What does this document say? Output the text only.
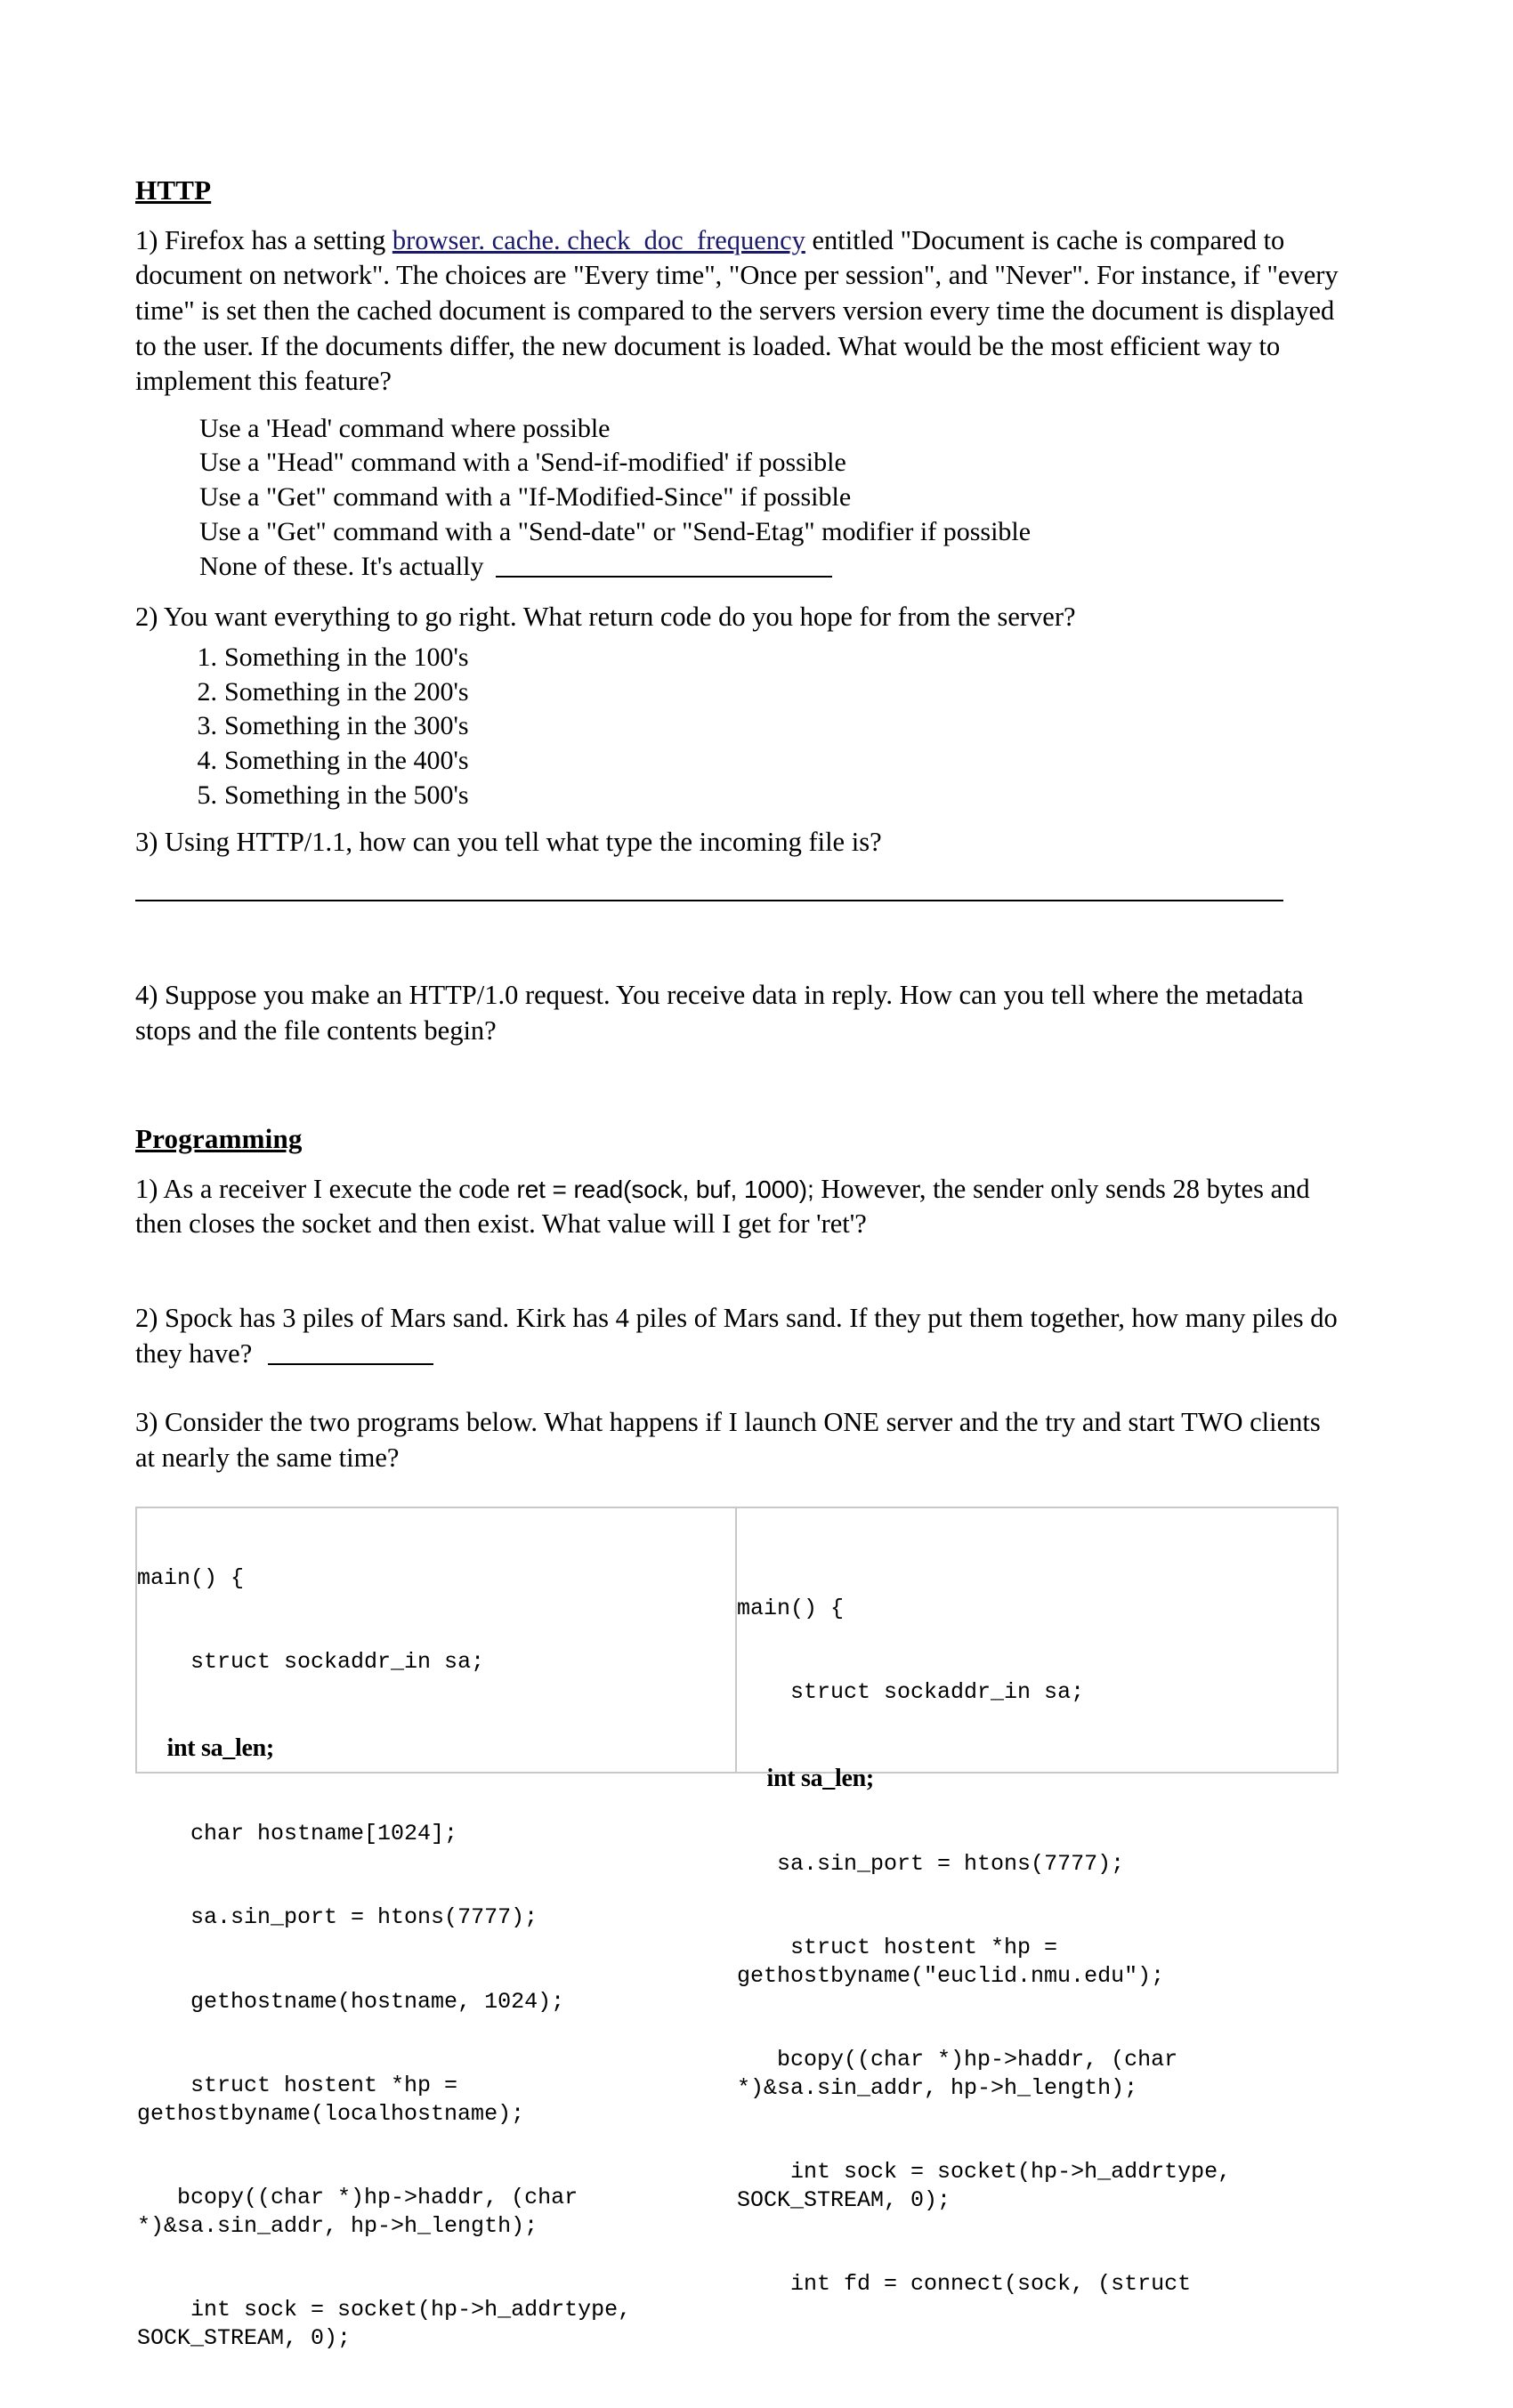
HTTP

1) Firefox has a setting browser. cache. check_doc_frequency entitled "Document is cache is compared to document on network". The choices are "Every time", "Once per session", and "Never". For instance, if "every time" is set then the cached document is compared to the servers version every time the document is displayed to the user. If the documents differ, the new document is loaded. What would be the most efficient way to implement this feature?

Use a 'Head' command where possible
Use a "Head" command with a 'Send-if-modified' if possible
Use a "Get" command with a "If-Modified-Since" if possible
Use a "Get" command with a "Send-date" or "Send-Etag" modifier if possible
None of these. It's actually

2) You want everything to go right. What return code do you hope for from the server?

Something in the 100's
Something in the 200's
Something in the 300's
Something in the 400's
Something in the 500's

3) Using HTTP/1.1, how can you tell what type the incoming file is?

4) Suppose you make an HTTP/1.0 request. You receive data in reply. How can you tell where the metadata stops and the file contents begin?

Programming

1) As a receiver I execute the code ret = read(sock, buf, 1000); However, the sender only sends 28 bytes and then closes the socket and then exist. What value will I get for 'ret'?

2) Spock has 3 piles of Mars sand. Kirk has 4 piles of Mars sand. If they put them together, how many piles do they have?

3) Consider the two programs below. What happens if I launch ONE server and the try and start TWO clients at nearly the same time?

main() {

struct sockaddr_in sa;

int sa_len;

char hostname[1024];

sa.sin_port = htons(7777);

gethostname(hostname, 1024);

struct hostent *hp = gethostbyname(localhostname);

bcopy((char *)hp->haddr, (char *)&sa.sin_addr, hp->h_length);

int sock = socket(hp->h_addrtype, SOCK_STREAM, 0);

main() {

struct sockaddr_in sa;

int sa_len;

sa.sin_port = htons(7777);

struct hostent *hp = gethostbyname("euclid.nmu.edu");

bcopy((char *)hp->haddr, (char *)&sa.sin_addr, hp->h_length);

int sock = socket(hp->h_addrtype, SOCK_STREAM, 0);

int fd = connect(sock, (struct
